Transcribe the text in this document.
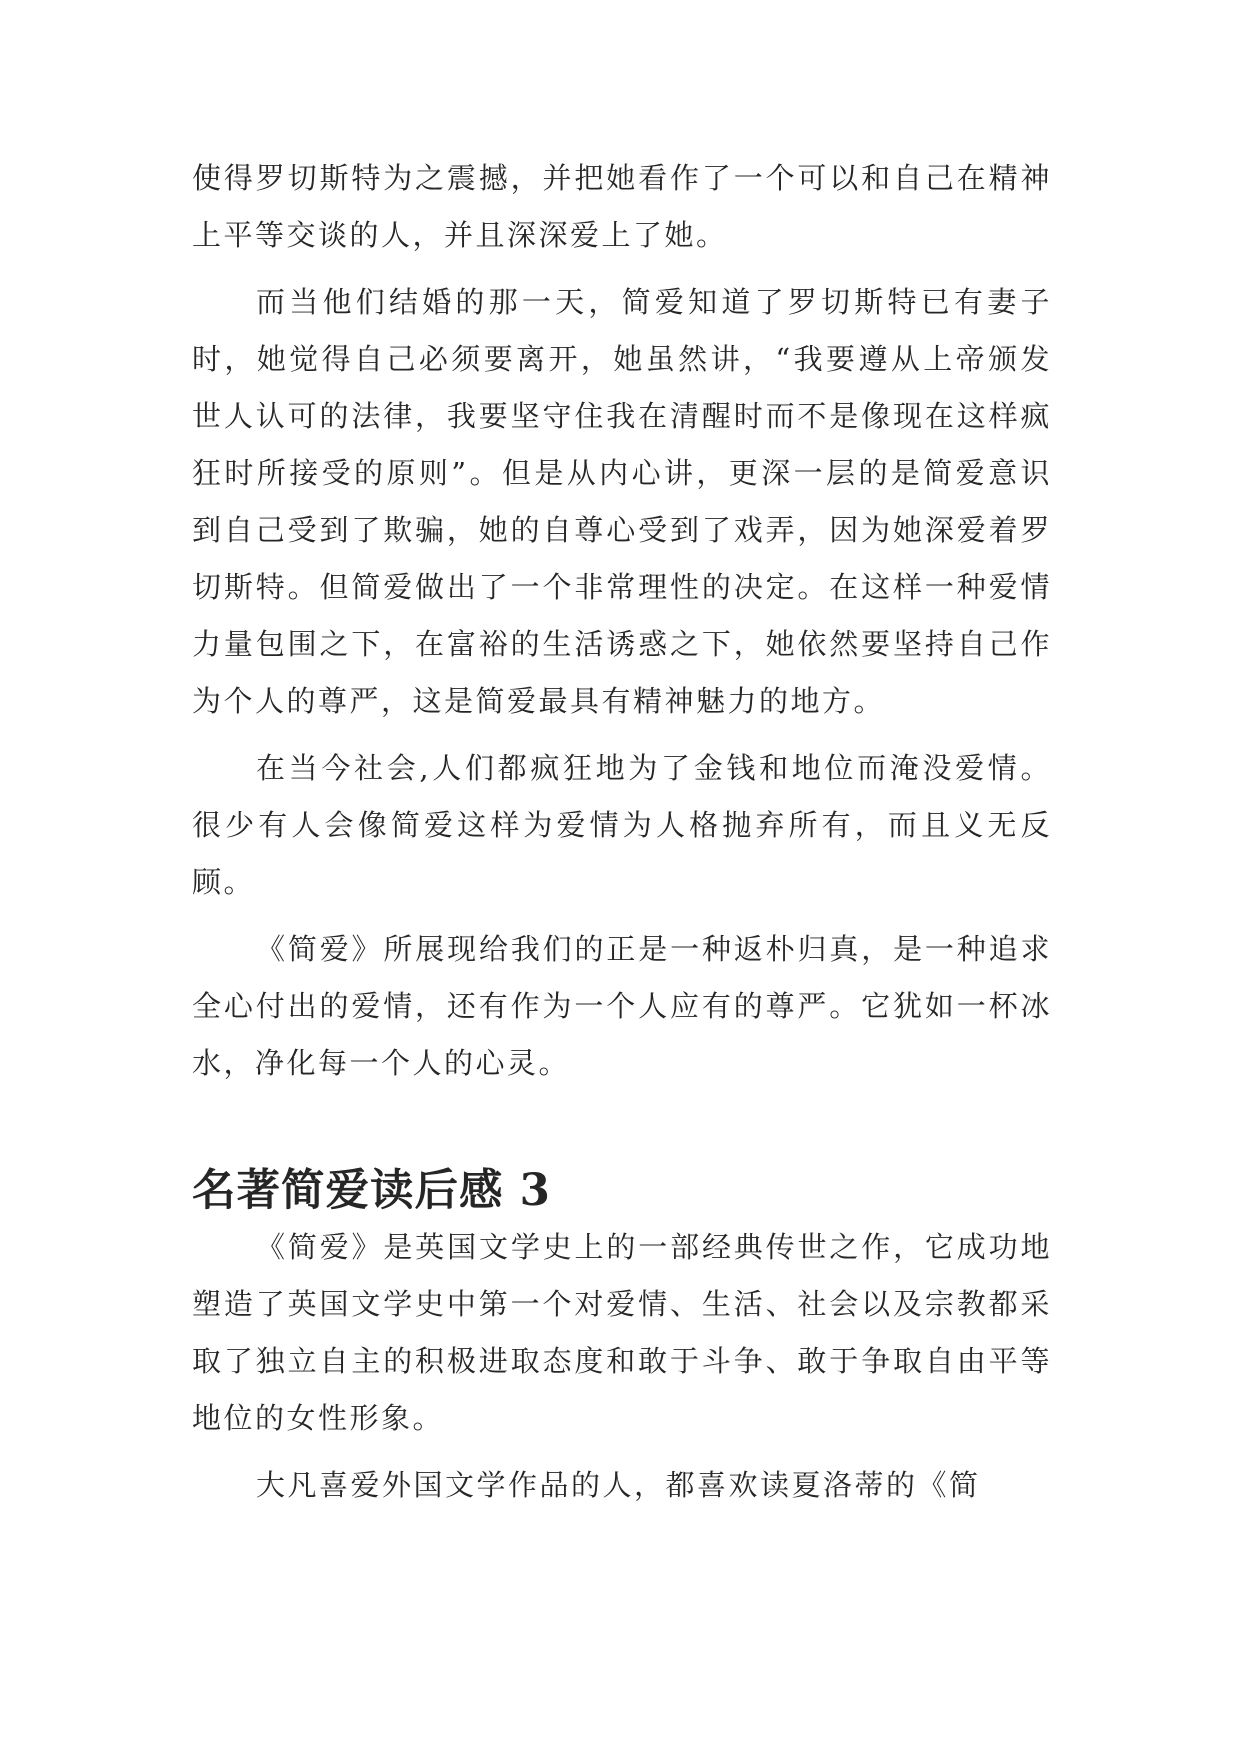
使得罗切斯特为之震撼，并把她看作了一个可以和自己在精神上平等交谈的人，并且深深爱上了她。

而当他们结婚的那一天，简爱知道了罗切斯特已有妻子时，她觉得自己必须要离开，她虽然讲，“我要遵从上帝颁发世人认可的法律，我要坚守住我在清醒时而不是像现在这样疯狂时所接受的原则”。但是从内心讲，更深一层的是简爱意识到自己受到了欺骗，她的自尊心受到了戏弄，因为她深爱着罗切斯特。但简爱做出了一个非常理性的决定。在这样一种爱情力量包围之下，在富裕的生活诱惑之下，她依然要坚持自己作为个人的尊严，这是简爱最具有精神魅力的地方。

在当今社会,人们都疯狂地为了金钱和地位而淹没爱情。很少有人会像简爱这样为爱情为人格抛弃所有，而且义无反顾。

《简爱》所展现给我们的正是一种返朴归真，是一种追求全心付出的爱情，还有作为一个人应有的尊严。它犹如一杯冰水，净化每一个人的心灵。

名著简爱读后感 3

《简爱》是英国文学史上的一部经典传世之作，它成功地塑造了英国文学史中第一个对爱情、生活、社会以及宗教都采取了独立自主的积极进取态度和敢于斗争、敢于争取自由平等地位的女性形象。

大凡喜爱外国文学作品的人，都喜欢读夏洛蒂的《简
